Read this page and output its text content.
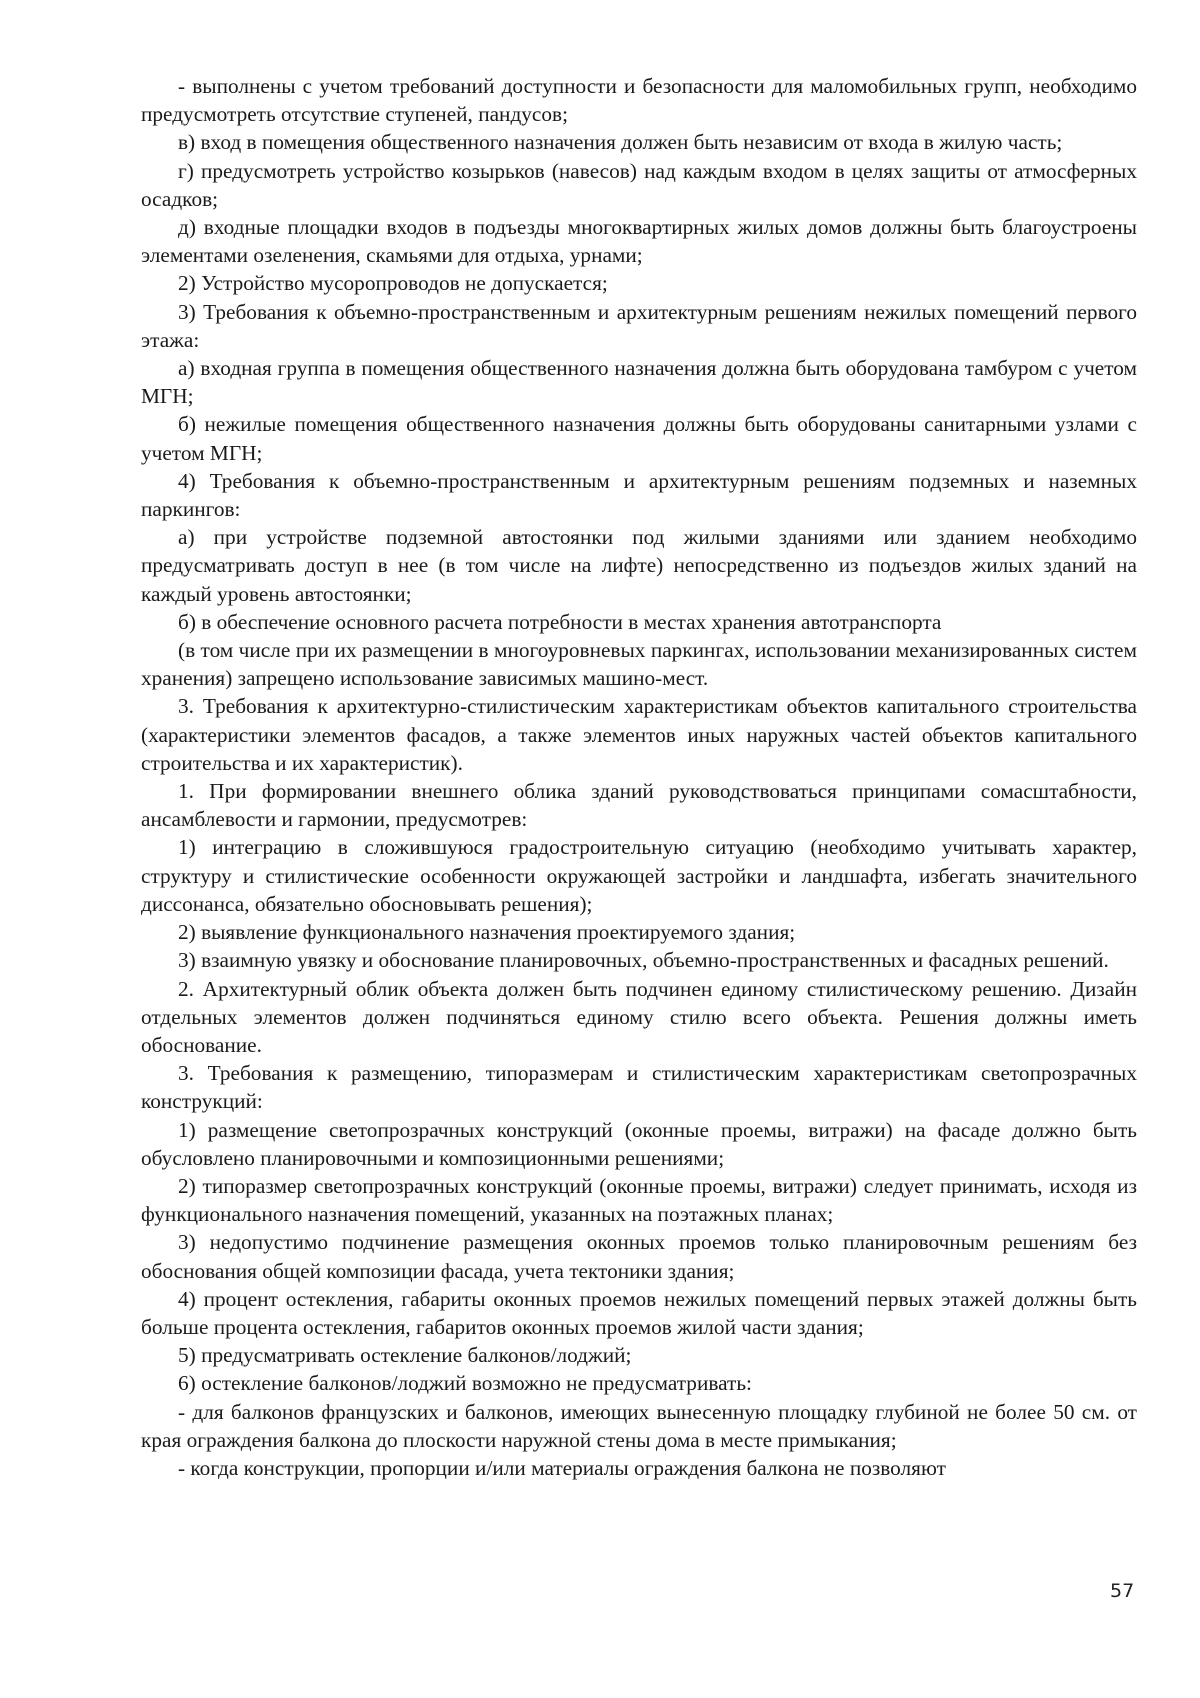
- выполнены с учетом требований доступности и безопасности для маломобильных групп, необходимо предусмотреть отсутствие ступеней, пандусов;

в) вход в помещения общественного назначения должен быть независим от входа в жилую часть;

г) предусмотреть устройство козырьков (навесов) над каждым входом в целях защиты от атмосферных осадков;

д) входные площадки входов в подъезды многоквартирных жилых домов должны быть благоустроены элементами озеленения, скамьями для отдыха, урнами;

2) Устройство мусоропроводов не допускается;

3) Требования к объемно-пространственным и архитектурным решениям нежилых помещений первого этажа:

а) входная группа в помещения общественного назначения должна быть оборудована тамбуром с учетом МГН;

б) нежилые помещения общественного назначения должны быть оборудованы санитарными узлами с учетом МГН;

4) Требования к объемно-пространственным и архитектурным решениям подземных и наземных паркингов:

а) при устройстве подземной автостоянки под жилыми зданиями или зданием необходимо предусматривать доступ в нее (в том числе на лифте) непосредственно из подъездов жилых зданий на каждый уровень автостоянки;

б) в обеспечение основного расчета потребности в местах хранения автотранспорта

(в том числе при их размещении в многоуровневых паркингах, использовании механизированных систем хранения) запрещено использование зависимых машино-мест.

3. Требования к архитектурно-стилистическим характеристикам объектов капитального строительства (характеристики элементов фасадов, а также элементов иных наружных частей объектов капитального строительства и их характеристик).

1. При формировании внешнего облика зданий руководствоваться принципами сомасштабности, ансамблевости и гармонии, предусмотрев:

1) интеграцию в сложившуюся градостроительную ситуацию (необходимо учитывать характер, структуру и стилистические особенности окружающей застройки и ландшафта, избегать значительного диссонанса, обязательно обосновывать решения);

2) выявление функционального назначения проектируемого здания;

3) взаимную увязку и обоснование планировочных, объемно-пространственных и фасадных решений.

2. Архитектурный облик объекта должен быть подчинен единому стилистическому решению. Дизайн отдельных элементов должен подчиняться единому стилю всего объекта. Решения должны иметь обоснование.

3. Требования к размещению, типоразмерам и стилистическим характеристикам светопрозрачных конструкций:

1) размещение светопрозрачных конструкций (оконные проемы, витражи) на фасаде должно быть обусловлено планировочными и композиционными решениями;

2) типоразмер светопрозрачных конструкций (оконные проемы, витражи) следует принимать, исходя из функционального назначения помещений, указанных на поэтажных планах;

3) недопустимо подчинение размещения оконных проемов только планировочным решениям без обоснования общей композиции фасада, учета тектоники здания;

4) процент остекления, габариты оконных проемов нежилых помещений первых этажей должны быть больше процента остекления, габаритов оконных проемов жилой части здания;

5) предусматривать остекление балконов/лоджий;

6) остекление балконов/лоджий возможно не предусматривать:

- для балконов французских и балконов, имеющих вынесенную площадку глубиной не более 50 см. от края ограждения балкона до плоскости наружной стены дома в месте примыкания;

- когда конструкции, пропорции и/или материалы ограждения балкона не позволяют

57
